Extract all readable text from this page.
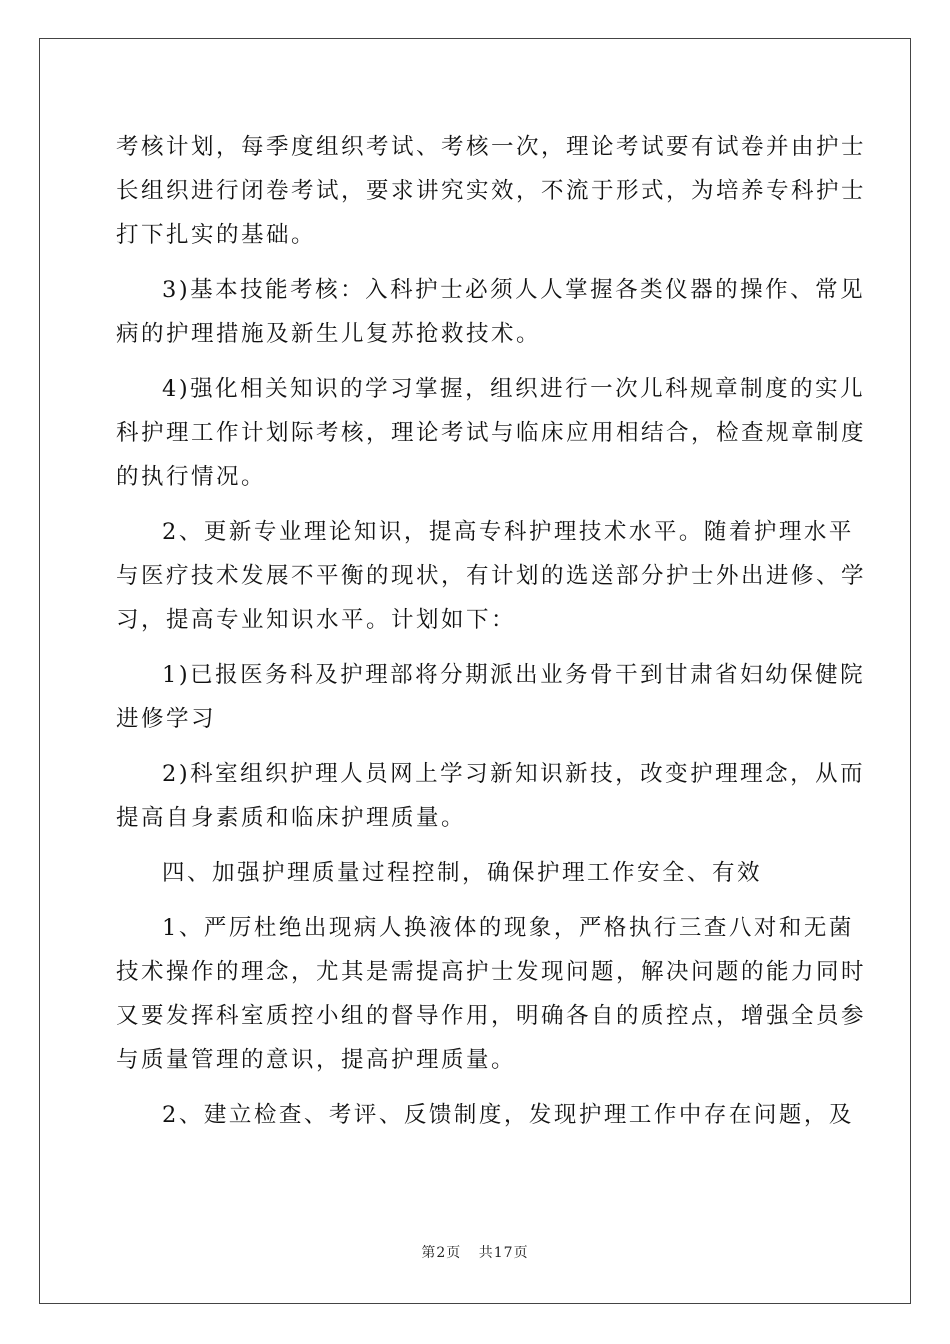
考核计划，每季度组织考试、考核一次，理论考试要有试卷并由护士
长组织进行闭卷考试，要求讲究实效，不流于形式，为培养专科护士
打下扎实的基础。
3)基本技能考核：入科护士必须人人掌握各类仪器的操作、常见
病的护理措施及新生儿复苏抢救技术。
4)强化相关知识的学习掌握，组织进行一次儿科规章制度的实儿
科护理工作计划际考核，理论考试与临床应用相结合，检查规章制度
的执行情况。
2、更新专业理论知识，提高专科护理技术水平。随着护理水平
与医疗技术发展不平衡的现状，有计划的选送部分护士外出进修、学
习，提高专业知识水平。计划如下：
1)已报医务科及护理部将分期派出业务骨干到甘肃省妇幼保健院
进修学习
2)科室组织护理人员网上学习新知识新技，改变护理理念，从而
提高自身素质和临床护理质量。
四、加强护理质量过程控制，确保护理工作安全、有效
1、严厉杜绝出现病人换液体的现象，严格执行三查八对和无菌
技术操作的理念，尤其是需提高护士发现问题，解决问题的能力同时
又要发挥科室质控小组的督导作用，明确各自的质控点，增强全员参
与质量管理的意识，提高护理质量。
2、建立检查、考评、反馈制度，发现护理工作中存在问题，及
第2页 共17页
